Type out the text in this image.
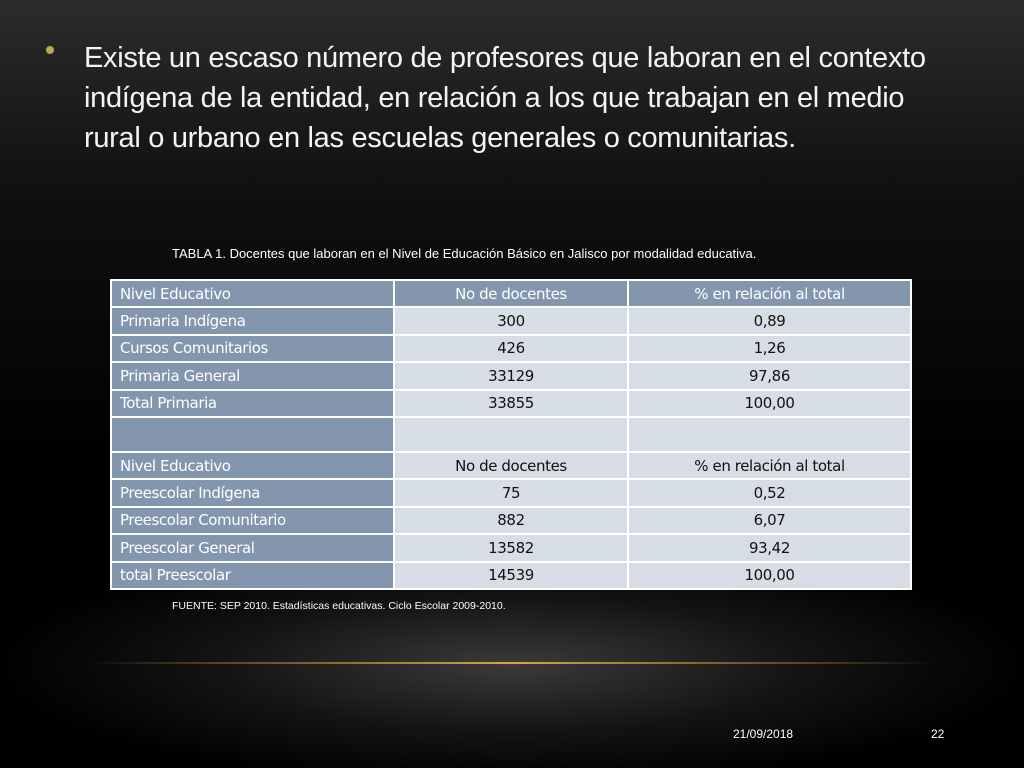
Existe un escaso número de profesores que laboran en el contexto indígena de la entidad, en relación a los que trabajan en el medio rural o urbano en las escuelas generales o comunitarias.
TABLA 1. Docentes que laboran en el Nivel de Educación Básico en Jalisco por modalidad educativa.
Nivel Educativo	No de docentes	% en relación al total
Primaria Indígena	300	0,89
Cursos Comunitarios	426	1,26
Primaria General	33129	97,86
Total Primaria	33855	100,00

Nivel Educativo	No de docentes	% en relación al total
Preescolar Indígena	75	0,52
Preescolar Comunitario	882	6,07
Preescolar General	13582	93,42
total Preescolar	14539	100,00
FUENTE: SEP 2010. Estadísticas educativas. Ciclo Escolar 2009-2010.
21/09/2018	22
